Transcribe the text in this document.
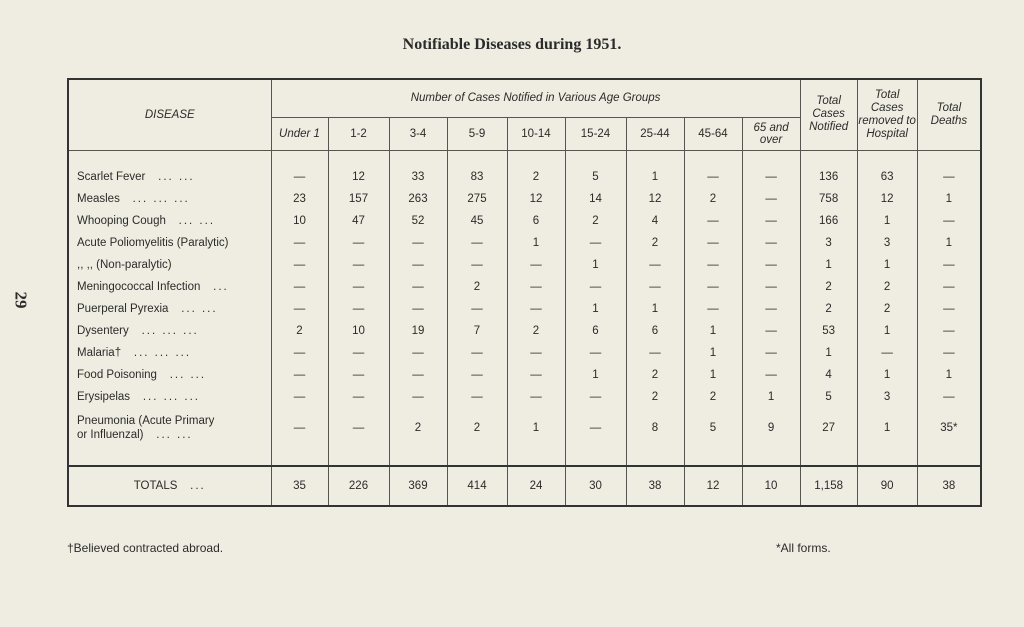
29
Notifiable Diseases during 1951.
DISEASE	Number of Cases Notified in Various Age Groups									Total Cases Notified	Total Cases removed to Hospital	Total Deaths
	Under 1	1-2	3-4	5-9	10-14	15-24	25-44	45-64	65 and over			

Scarlet Fever ... ...	—	12	33	83	2	5	1	—	—	136	63	—
Measles ... ... ...	23	157	263	275	12	14	12	2	—	758	12	1
Whooping Cough ... ...	10	47	52	45	6	2	4	—	—	166	1	—
Acute Poliomyelitis (Paralytic)	—	—	—	—	1	—	2	—	—	3	3	1
,, ,, (Non-paralytic)	—	—	—	—	—	1	—	—	—	1	1	—
Meningococcal Infection ...	—	—	—	2	—	—	—	—	—	2	2	—
Puerperal Pyrexia ... ...	—	—	—	—	—	1	1	—	—	2	2	—
Dysentery ... ... ...	2	10	19	7	2	6	6	1	—	53	1	—
Malaria† ... ... ...	—	—	—	—	—	—	—	1	—	1	—	—
Food Poisoning ... ...	—	—	—	—	—	1	2	1	—	4	1	1
Erysipelas ... ... ...	—	—	—	—	—	—	2	2	1	5	3	—

Pneumonia (Acute Primary
or Influenzal) ... ...	—	—	2	2	1	—	8	5	9	27	1	35*

TOTALS ...	35	226	369	414	24	30	38	12	10	1,158	90	38
†Believed contracted abroad.	*All forms.
